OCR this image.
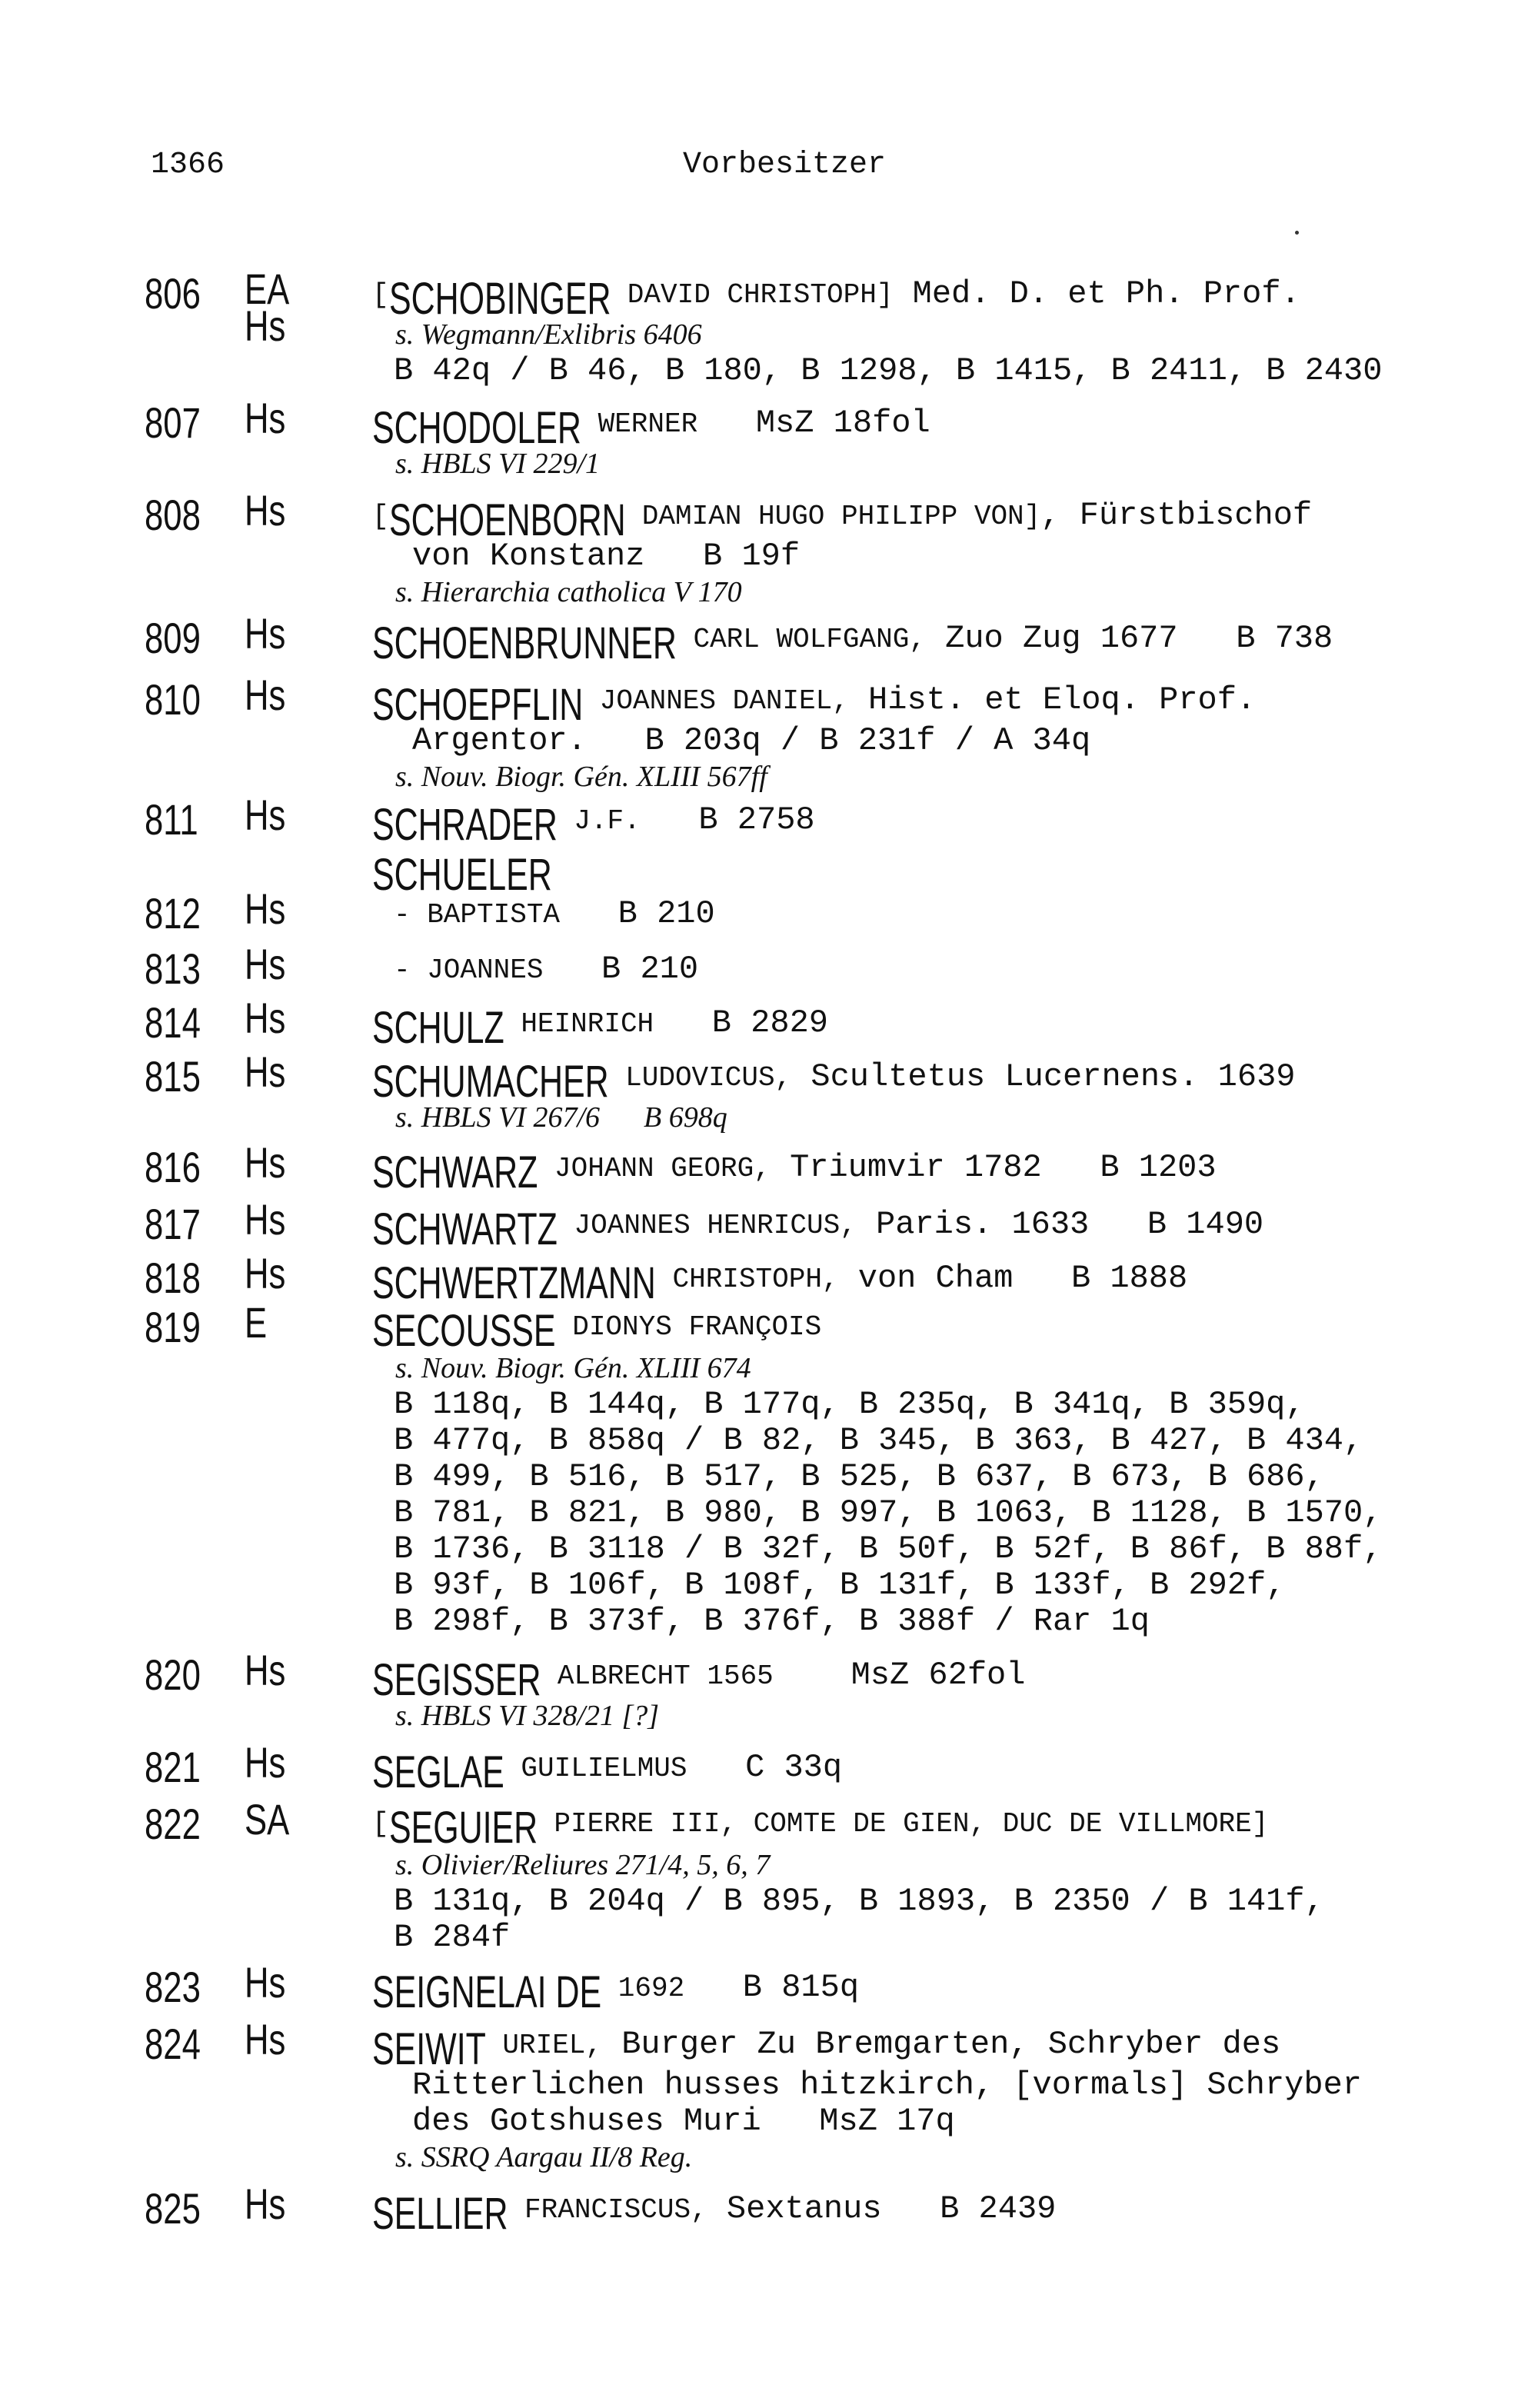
1366	Vorbesitzer
806 EA
Hs
[SCHOBINGER DAVID CHRISTOPH] Med. D. et Ph. Prof.
s. Wegmann/Exlibris 6406
B 42q / B 46, B 180, B 1298, B 1415, B 2411, B 2430
807 Hs SCHODOLER WERNER   MsZ 18fol
s. HBLS VI 229/1
808 Hs	[SCHOENBORN DAMIAN HUGO PHILIPP VON], Fürstbischof
von Konstanz   B 19f
s. Hierarchia catholica V 170
809 Hs SCHOENBRUNNER CARL WOLFGANG, Zuo Zug 1677   B 738
810 Hs SCHOEPFLIN JOANNES DANIEL, Hist. et Eloq. Prof.
Argentor.   B 203q / B 231f / A 34q
s. Nouv. Biogr. Gén. XLIII 567ff
811 Hs SCHRADER J.F.   B 2758
SCHUELER
812 Hs	- BAPTISTA   B 210
813 Hs	- JOANNES   B 210
814 Hs SCHULZ HEINRICH   B 2829
815 Hs SCHUMACHER LUDOVICUS, Scultetus Lucernens. 1639
s. HBLS VI 267/6      B 698q
816 Hs SCHWARZ JOHANN GEORG, Triumvir 1782   B 1203
817 Hs SCHWARTZ JOANNES HENRICUS, Paris. 1633   B 1490
818 Hs SCHWERTZMANN CHRISTOPH, von Cham   B 1888
819 E SECOUSSE DIONYS FRANÇOIS
s. Nouv. Biogr. Gén. XLIII 674
B 118q, B 144q, B 177q, B 235q, B 341q, B 359q,
B 477q, B 858q / B 82, B 345, B 363, B 427, B 434,
B 499, B 516, B 517, B 525, B 637, B 673, B 686,
B 781, B 821, B 980, B 997, B 1063, B 1128, B 1570,
B 1736, B 3118 / B 32f, B 50f, B 52f, B 86f, B 88f,
B 93f, B 106f, B 108f, B 131f, B 133f, B 292f,
B 298f, B 373f, B 376f, B 388f / Rar 1q
820 Hs SEGISSER ALBRECHT 1565    MsZ 62fol
s. HBLS VI 328/21 [?]
821 Hs SEGLAE GUILIELMUS   C 33q
822 SA	[SEGUIER PIERRE III, COMTE DE GIEN, DUC DE VILLMORE]
s. Olivier/Reliures 271/4, 5, 6, 7
B 131q, B 204q / B 895, B 1893, B 2350 / B 141f,
B 284f
823 Hs SEIGNELAI DE 1692   B 815q
824 Hs SEIWIT URIEL, Burger Zu Bremgarten, Schryber des
Ritterlichen husses hitzkirch, [vormals] Schryber
des Gotshuses Muri   MsZ 17q
s. SSRQ Aargau II/8 Reg.
825 Hs SELLIER FRANCISCUS, Sextanus   B 2439
